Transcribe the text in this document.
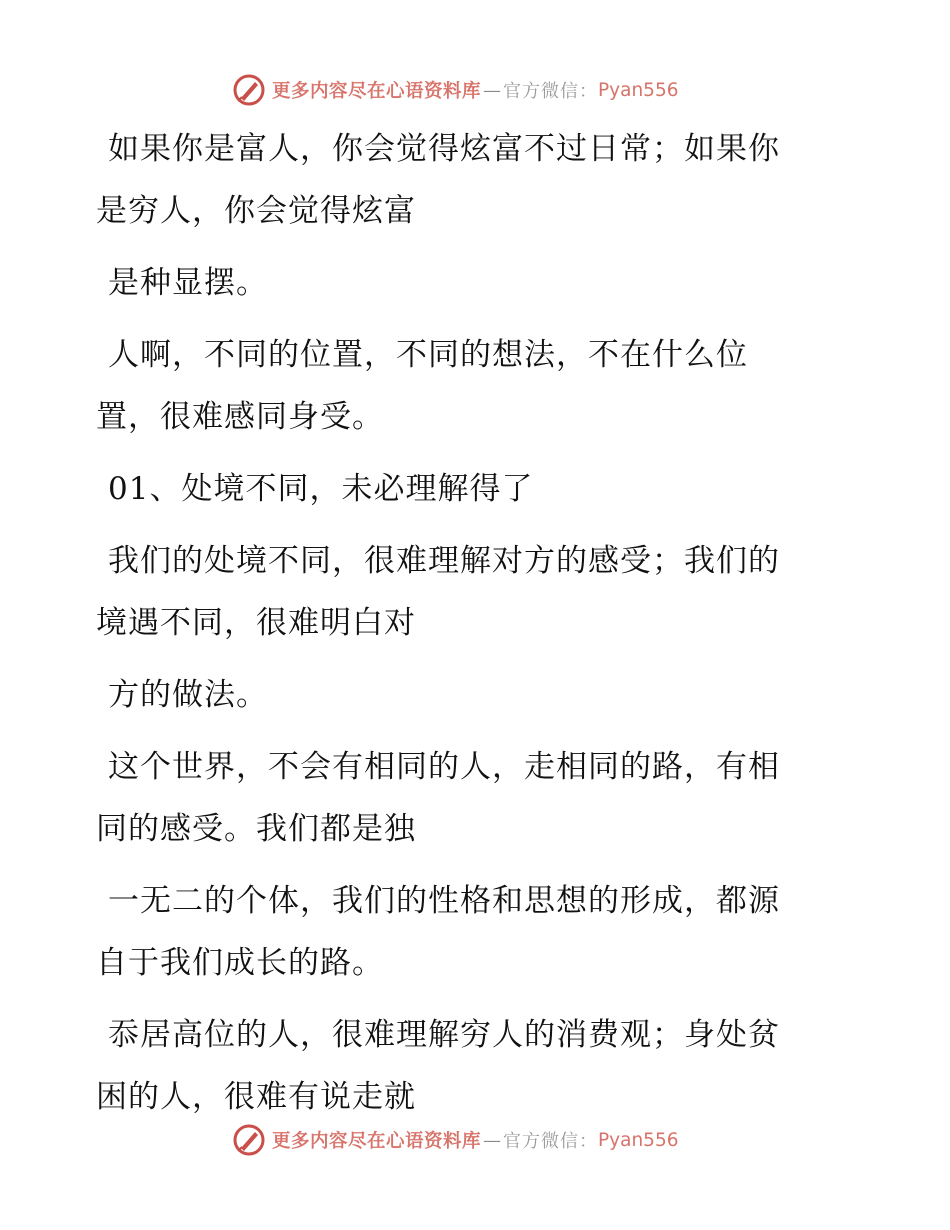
更多内容尽在心语资料库 — 官方微信： Pyan556
如果你是富人，你会觉得炫富不过日常；如果你
是穷人，你会觉得炫富
是种显摆。
人啊，不同的位置，不同的想法，不在什么位
置，很难感同身受。
01、处境不同，未必理解得了
我们的处境不同，很难理解对方的感受；我们的
境遇不同，很难明白对
方的做法。
这个世界，不会有相同的人，走相同的路，有相
同的感受。我们都是独
一无二的个体，我们的性格和思想的形成，都源
自于我们成长的路。
忝居高位的人，很难理解穷人的消费观；身处贫
困的人，很难有说走就
更多内容尽在心语资料库 — 官方微信： Pyan556
